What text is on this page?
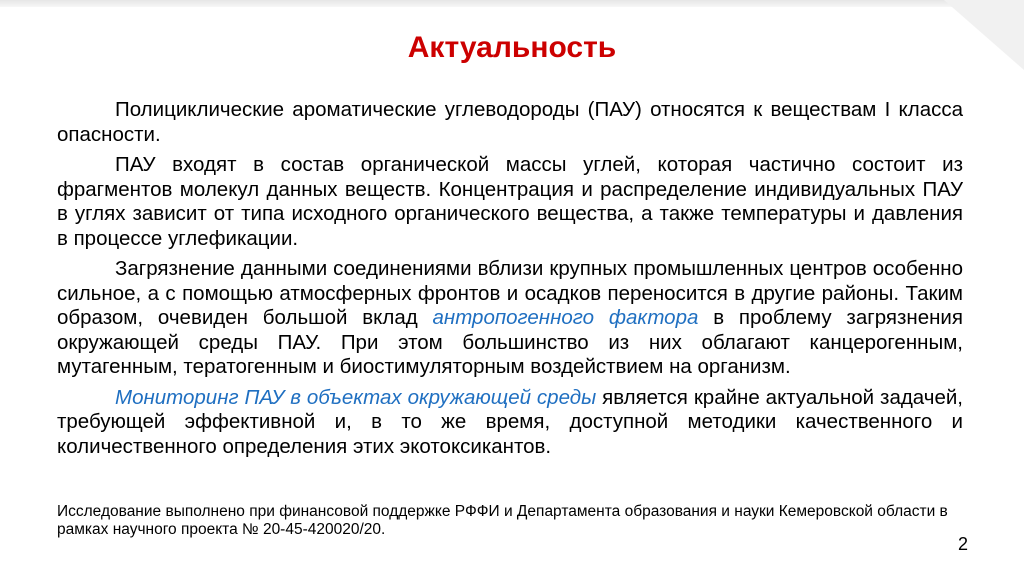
Актуальность

Полициклические ароматические углеводороды (ПАУ) относятся к веществам I класса опасности.

ПАУ входят в состав органической массы углей, которая частично состоит из фрагментов молекул данных веществ. Концентрация и распределение индивидуальных ПАУ в углях зависит от типа исходного органического вещества, а также температуры и давления в процессе углефикации.

Загрязнение данными соединениями вблизи крупных промышленных центров особенно сильное, а с помощью атмосферных фронтов и осадков переносится в другие районы. Таким образом, очевиден большой вклад антропогенного фактора в проблему загрязнения окружающей среды ПАУ. При этом большинство из них облагают канцерогенным, мутагенным, тератогенным и биостимуляторным воздействием на организм.

Мониторинг ПАУ в объектах окружающей среды является крайне актуальной задачей, требующей эффективной и, в то же время, доступной методики качественного и количественного определения этих экотоксикантов.

Исследование выполнено при финансовой поддержке РФФИ и Департамента образования и науки Кемеровской области в рамках научного проекта № 20-45-420020/20.
2
